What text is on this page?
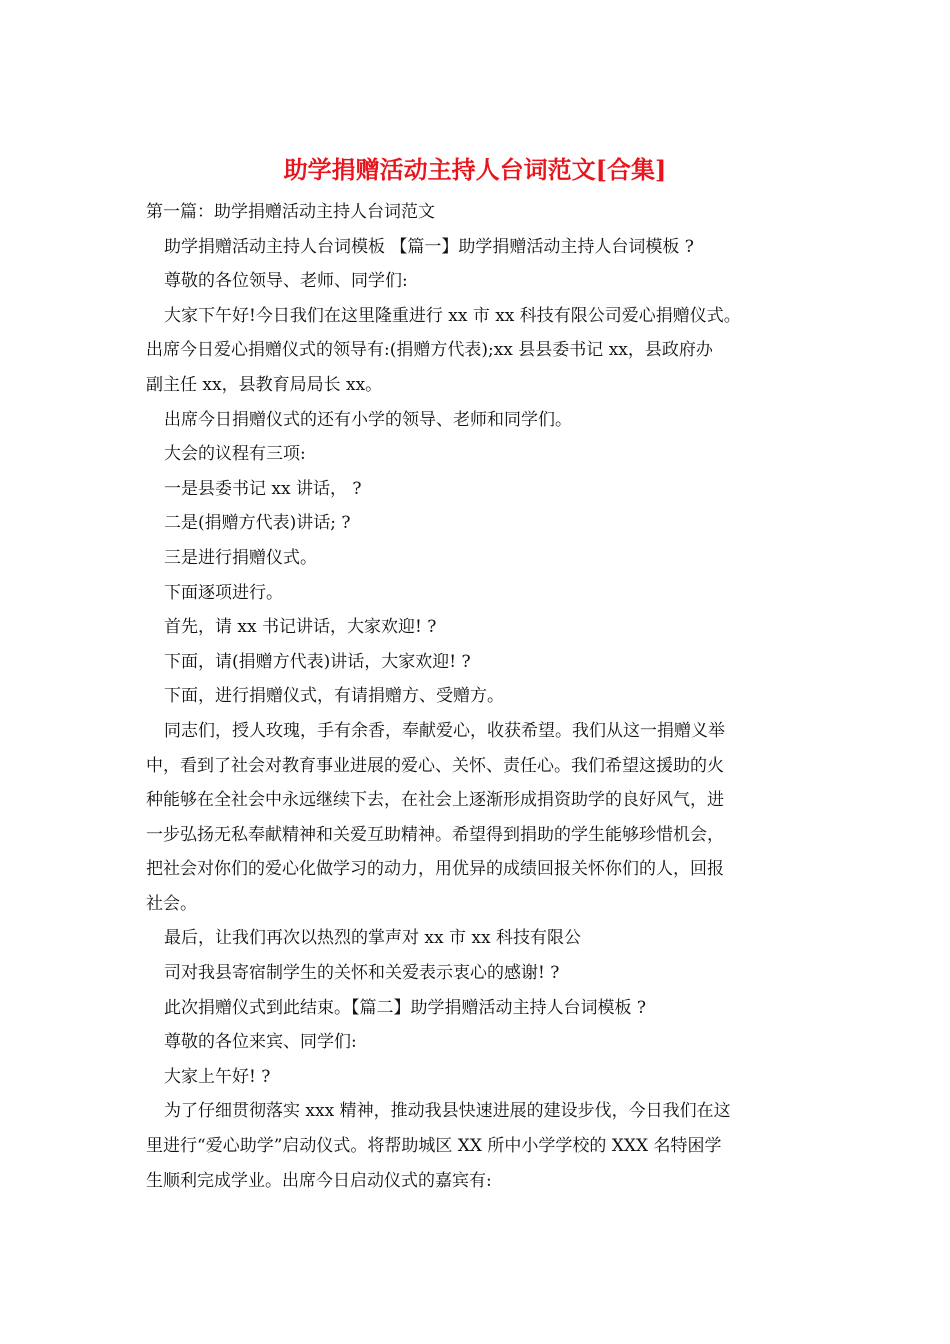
助学捐赠活动主持人台词范文[合集]
第一篇：助学捐赠活动主持人台词范文
助学捐赠活动主持人台词模板 【篇一】助学捐赠活动主持人台词模板 ?
尊敬的各位领导、老师、同学们:
大家下午好!今日我们在这里隆重进行 xx 市 xx 科技有限公司爱心捐赠仪式。
出席今日爱心捐赠仪式的领导有:(捐赠方代表);xx 县县委书记 xx，县政府办
副主任 xx，县教育局局长 xx。
出席今日捐赠仪式的还有小学的领导、老师和同学们。
大会的议程有三项:
一是县委书记 xx 讲话， ?
二是(捐赠方代表)讲话; ?
三是进行捐赠仪式。
下面逐项进行。
首先，请 xx 书记讲话，大家欢迎! ?
下面，请(捐赠方代表)讲话，大家欢迎! ?
下面，进行捐赠仪式，有请捐赠方、受赠方。
同志们，授人玫瑰，手有余香，奉献爱心，收获希望。我们从这一捐赠义举
中，看到了社会对教育事业进展的爱心、关怀、责任心。我们希望这援助的火
种能够在全社会中永远继续下去，在社会上逐渐形成捐资助学的良好风气，进
一步弘扬无私奉献精神和关爱互助精神。希望得到捐助的学生能够珍惜机会，
把社会对你们的爱心化做学习的动力，用优异的成绩回报关怀你们的人，回报
社会。
最后，让我们再次以热烈的掌声对 xx 市 xx 科技有限公
司对我县寄宿制学生的关怀和关爱表示衷心的感谢! ?
此次捐赠仪式到此结束。【篇二】助学捐赠活动主持人台词模板 ?
尊敬的各位来宾、同学们:
大家上午好! ?
为了仔细贯彻落实 xxx 精神，推动我县快速进展的建设步伐，今日我们在这
里进行“爱心助学”启动仪式。将帮助城区 XX 所中小学学校的 XXX 名特困学
生顺利完成学业。出席今日启动仪式的嘉宾有:
